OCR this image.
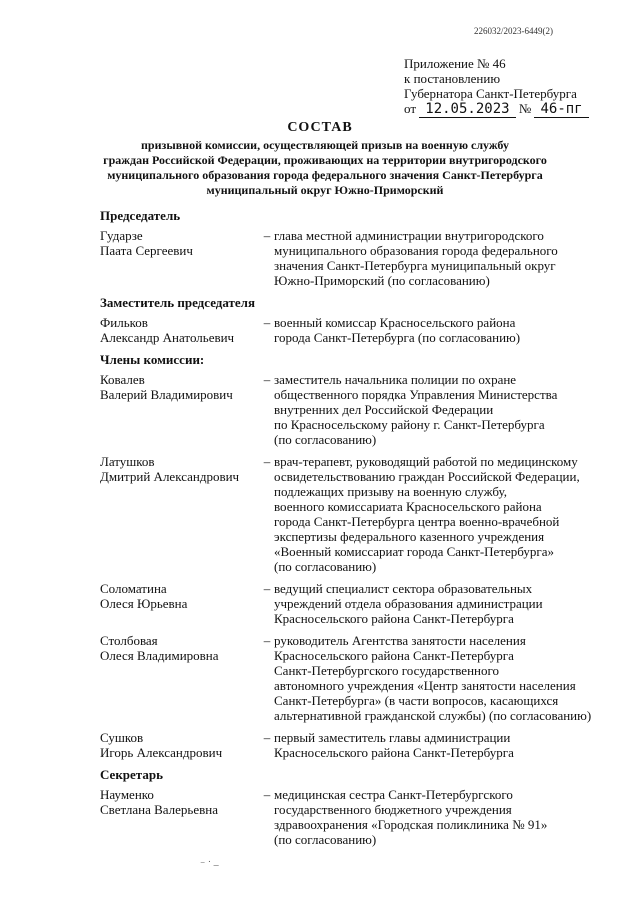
226032/2023-6449(2)
Приложение № 46
к постановлению
Губернатора Санкт-Петербурга
от 12.05.2023 № 46-пг
СОСТАВ
призывной комиссии, осуществляющей призыв на военную службу
граждан Российской Федерации, проживающих на территории внутригородского
муниципального образования города федерального значения Санкт-Петербурга
муниципальный округ Южно-Приморский
Председатель
Гударзе
Паата Сергеевич
– глава местной администрации внутригородского
муниципального образования города федерального
значения Санкт-Петербурга муниципальный округ
Южно-Приморский (по согласованию)
Заместитель председателя
Фильков
Александр Анатольевич
– военный комиссар Красносельского района
города Санкт-Петербурга (по согласованию)
Члены комиссии:
Ковалев
Валерий Владимирович
– заместитель начальника полиции по охране
общественного порядка Управления Министерства
внутренних дел Российской Федерации
по Красносельскому району г. Санкт-Петербурга
(по согласованию)
Латушков
Дмитрий Александрович
– врач-терапевт, руководящий работой по медицинскому
освидетельствованию граждан Российской Федерации,
подлежащих призыву на военную службу,
военного комиссариата Красносельского района
города Санкт-Петербурга центра военно-врачебной
экспертизы федерального казенного учреждения
«Военный комиссариат города Санкт-Петербурга»
(по согласованию)
Соломатина
Олеся Юрьевна
– ведущий специалист сектора образовательных
учреждений отдела образования администрации
Красносельского района Санкт-Петербурга
Столбовая
Олеся Владимировна
– руководитель Агентства занятости населения
Красносельского района Санкт-Петербурга
Санкт-Петербургского государственного
автономного учреждения «Центр занятости населения
Санкт-Петербурга» (в части вопросов, касающихся
альтернативной гражданской службы) (по согласованию)
Сушков
Игорь Александрович
– первый заместитель главы администрации
Красносельского района Санкт-Петербурга
Секретарь
Науменко
Светлана Валерьевна
– медицинская сестра Санкт-Петербургского
государственного бюджетного учреждения
здравоохранения «Городская поликлиника № 91»
(по согласованию)
⁻ ˙ –
